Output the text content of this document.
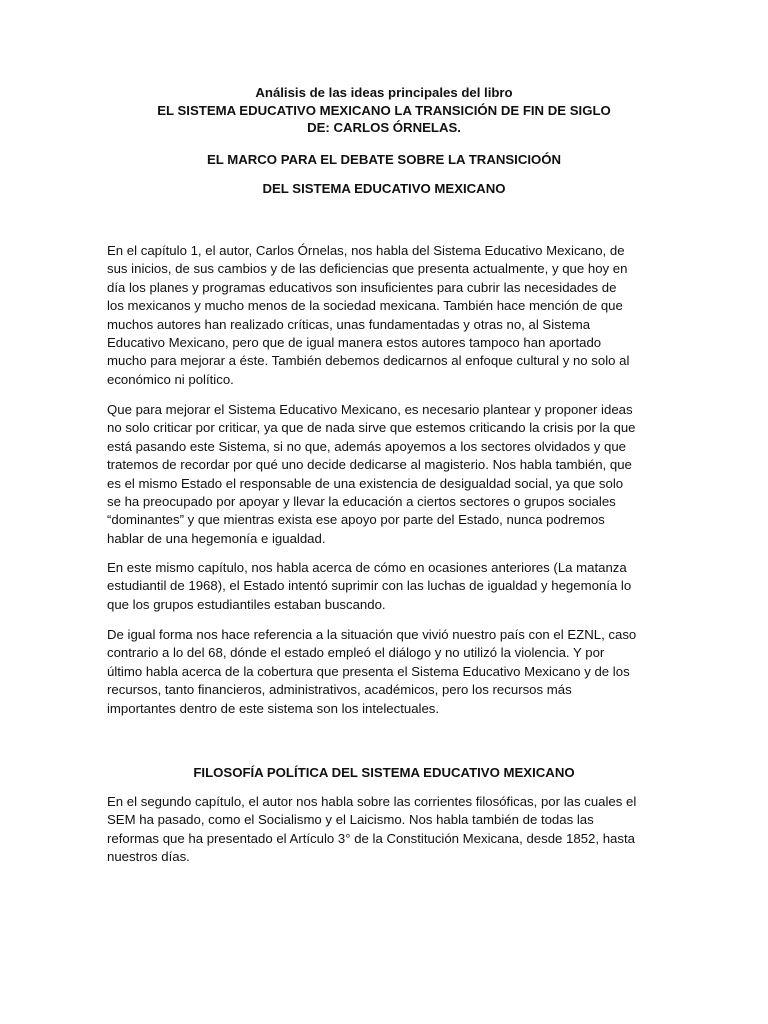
Análisis de las ideas principales del libro
EL SISTEMA EDUCATIVO MEXICANO LA TRANSICIÓN DE FIN DE SIGLO
DE: CARLOS ÓRNELAS.
EL MARCO PARA EL DEBATE SOBRE LA TRANSICIOÓN
DEL SISTEMA EDUCATIVO MEXICANO
En el capítulo 1, el autor, Carlos Órnelas, nos habla del Sistema Educativo Mexicano, de
sus inicios, de sus cambios y de las deficiencias que presenta actualmente, y que hoy en
día los planes y programas educativos son insuficientes para cubrir las necesidades de
los mexicanos y mucho menos de la sociedad mexicana. También hace mención de que
muchos autores han realizado críticas, unas fundamentadas y otras no, al Sistema
Educativo Mexicano, pero que de igual manera estos autores tampoco han aportado
mucho para mejorar a éste. También debemos dedicarnos al enfoque cultural y no solo al
económico ni político.
Que para mejorar el Sistema Educativo Mexicano, es necesario plantear y proponer ideas
no solo criticar por criticar, ya que de nada sirve que estemos criticando la crisis por la que
está pasando este Sistema, si no que, además apoyemos a los sectores olvidados y que
tratemos de recordar por qué uno decide dedicarse al magisterio. Nos habla también, que
es el mismo Estado el responsable de una existencia de desigualdad social, ya que solo
se ha preocupado por apoyar y llevar la educación a ciertos sectores o grupos sociales
“dominantes” y que mientras exista ese apoyo por parte del Estado, nunca podremos
hablar de una hegemonía e igualdad.
En este mismo capítulo, nos habla acerca de cómo en ocasiones anteriores (La matanza
estudiantil de 1968), el Estado intentó suprimir con las luchas de igualdad y hegemonía lo
que los grupos estudiantiles estaban buscando.
De igual forma nos hace referencia a la situación que vivió nuestro país con el EZNL, caso
contrario a lo del 68, dónde el estado empleó el diálogo y no utilizó la violencia. Y por
último habla acerca de la cobertura que presenta el Sistema Educativo Mexicano y de los
recursos, tanto financieros, administrativos, académicos, pero los recursos más
importantes dentro de este sistema son los intelectuales.
FILOSOFÍA POLÍTICA DEL SISTEMA EDUCATIVO MEXICANO
En el segundo capítulo, el autor nos habla sobre las corrientes filosóficas, por las cuales el
SEM ha pasado, como el Socialismo y el Laicismo. Nos habla también de todas las
reformas que ha presentado el Artículo 3° de la Constitución Mexicana, desde 1852, hasta
nuestros días.
